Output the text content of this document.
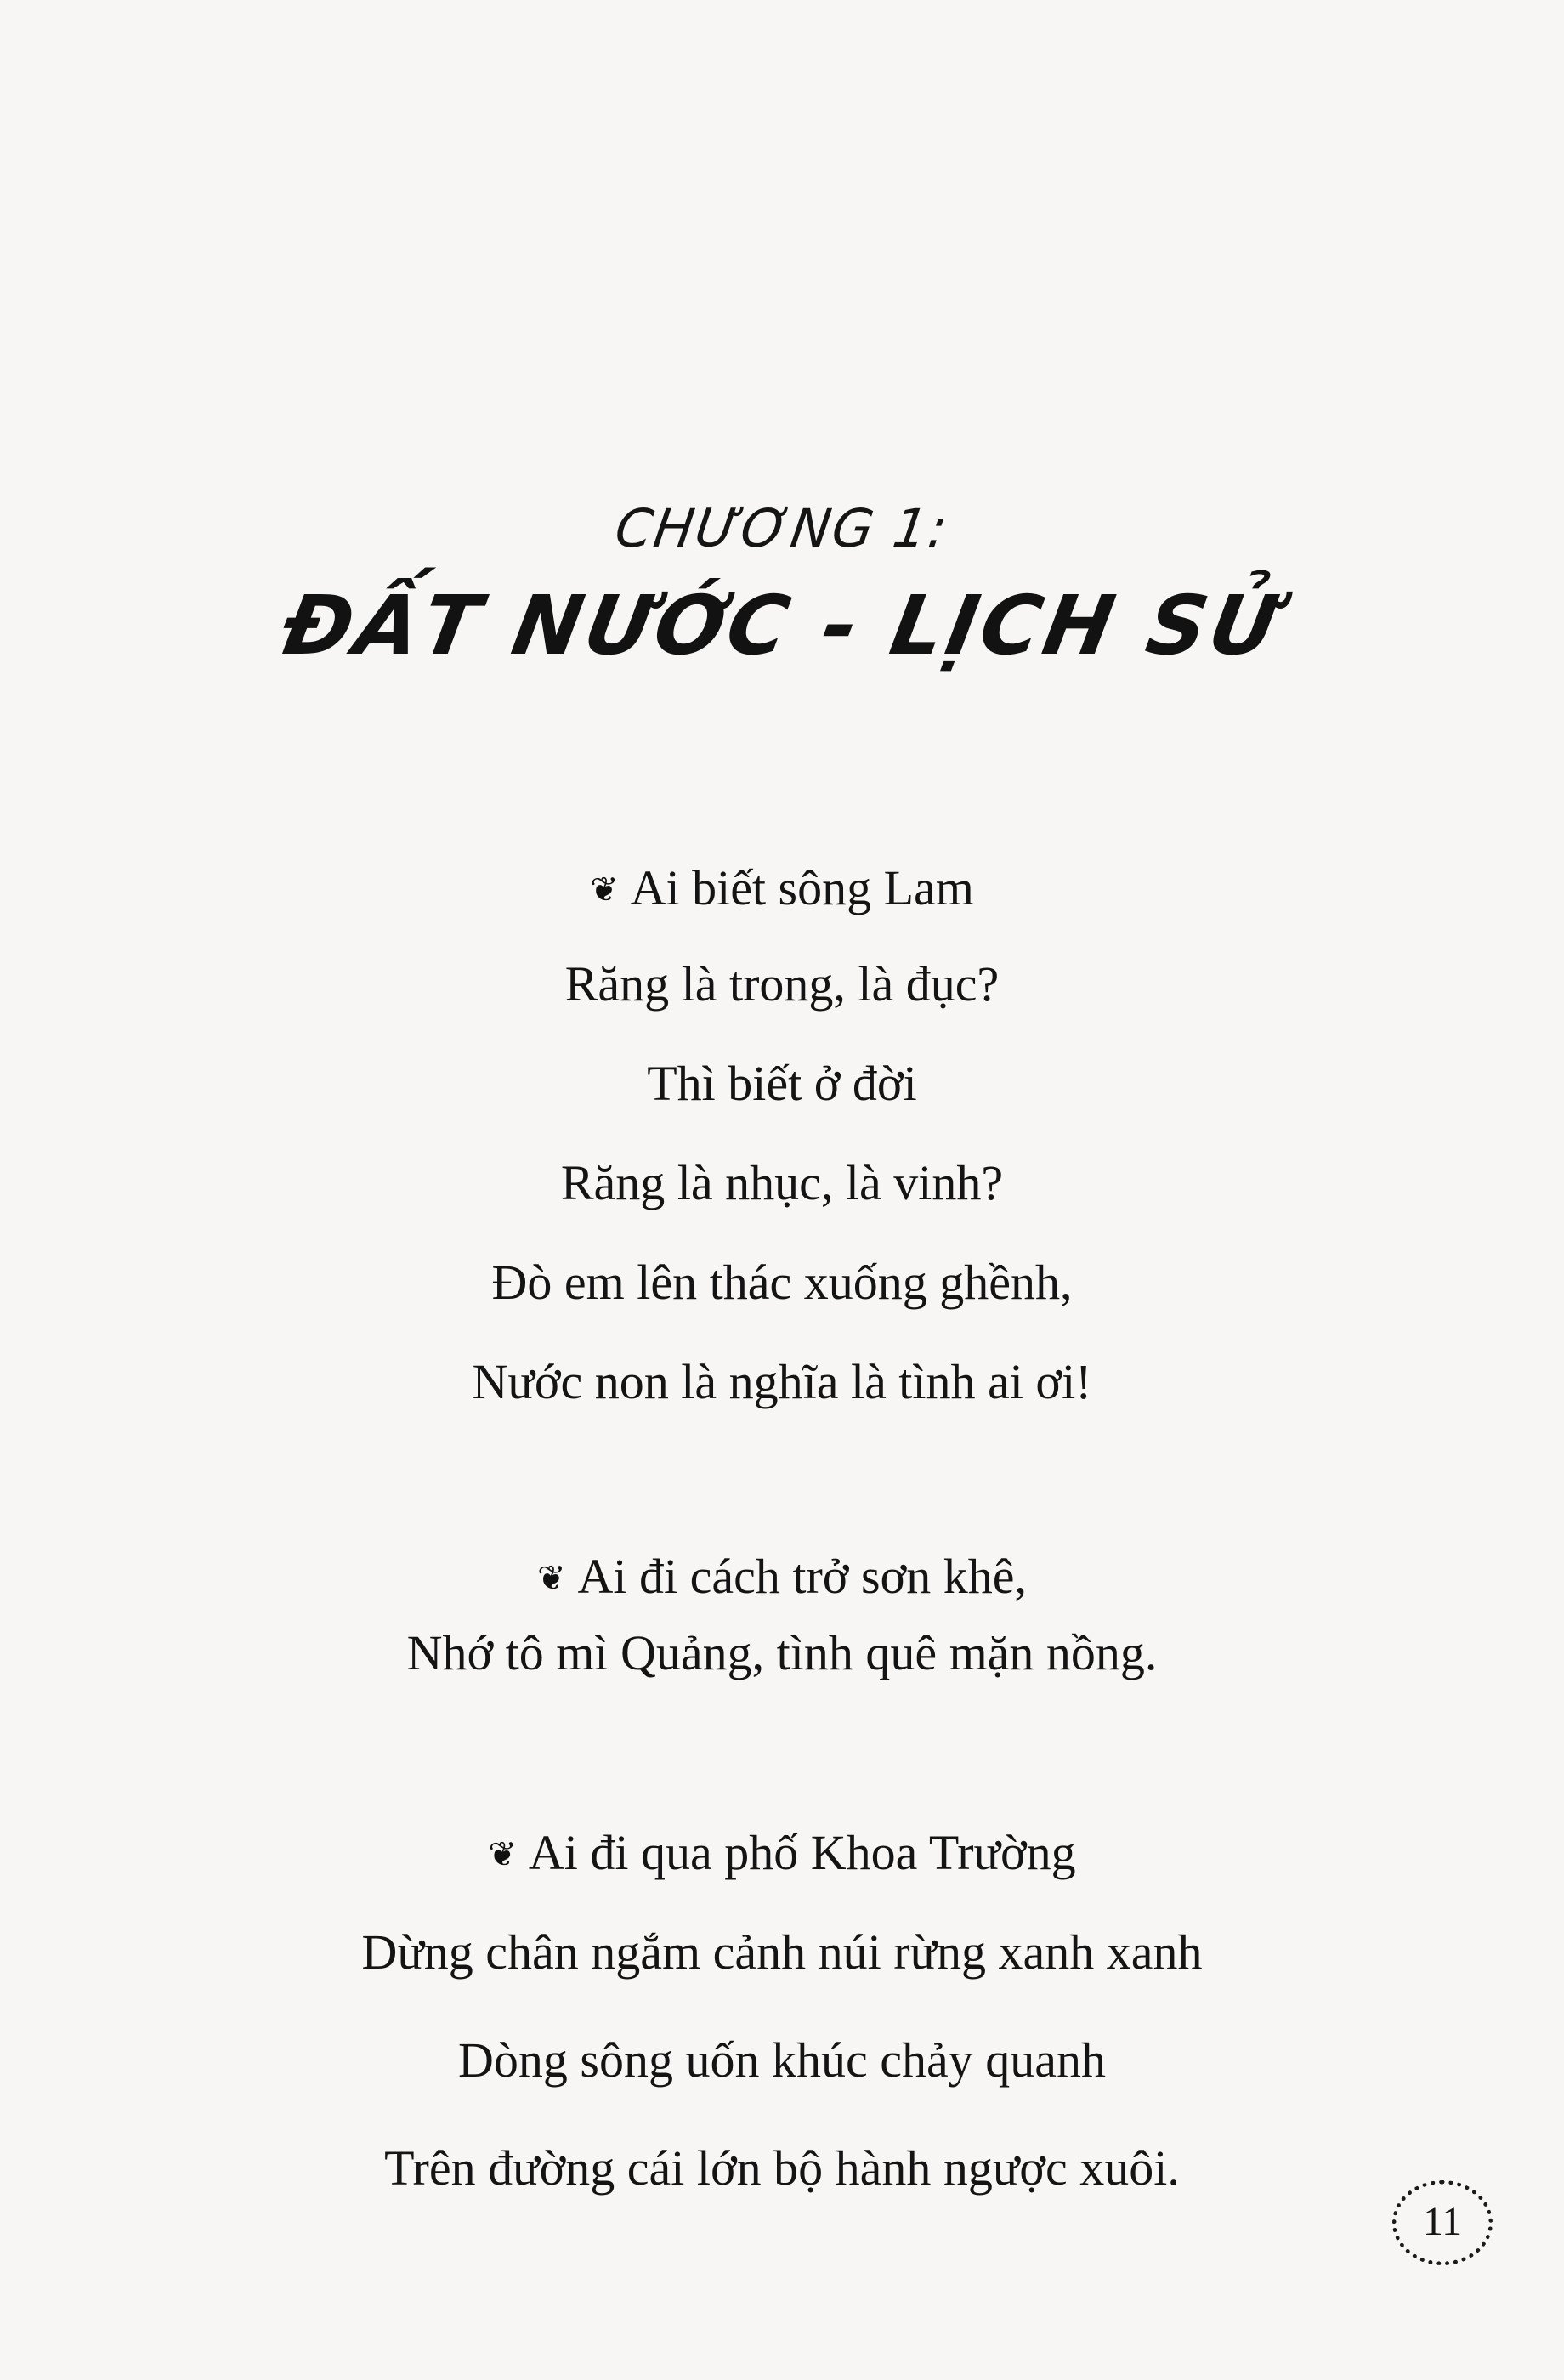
CHƯƠNG 1:
ĐẤT NƯỚC - LỊCH SỬ
❦ Ai biết sông Lam
Răng là trong, là đục?
Thì biết ở đời
Răng là nhục, là vinh?
Đò em lên thác xuống ghềnh,
Nước non là nghĩa là tình ai ơi!
❦ Ai đi cách trở sơn khê,
Nhớ tô mì Quảng, tình quê mặn nồng.
❦ Ai đi qua phố Khoa Trường
Dừng chân ngắm cảnh núi rừng xanh xanh
Dòng sông uốn khúc chảy quanh
Trên đường cái lớn bộ hành ngược xuôi.
11
